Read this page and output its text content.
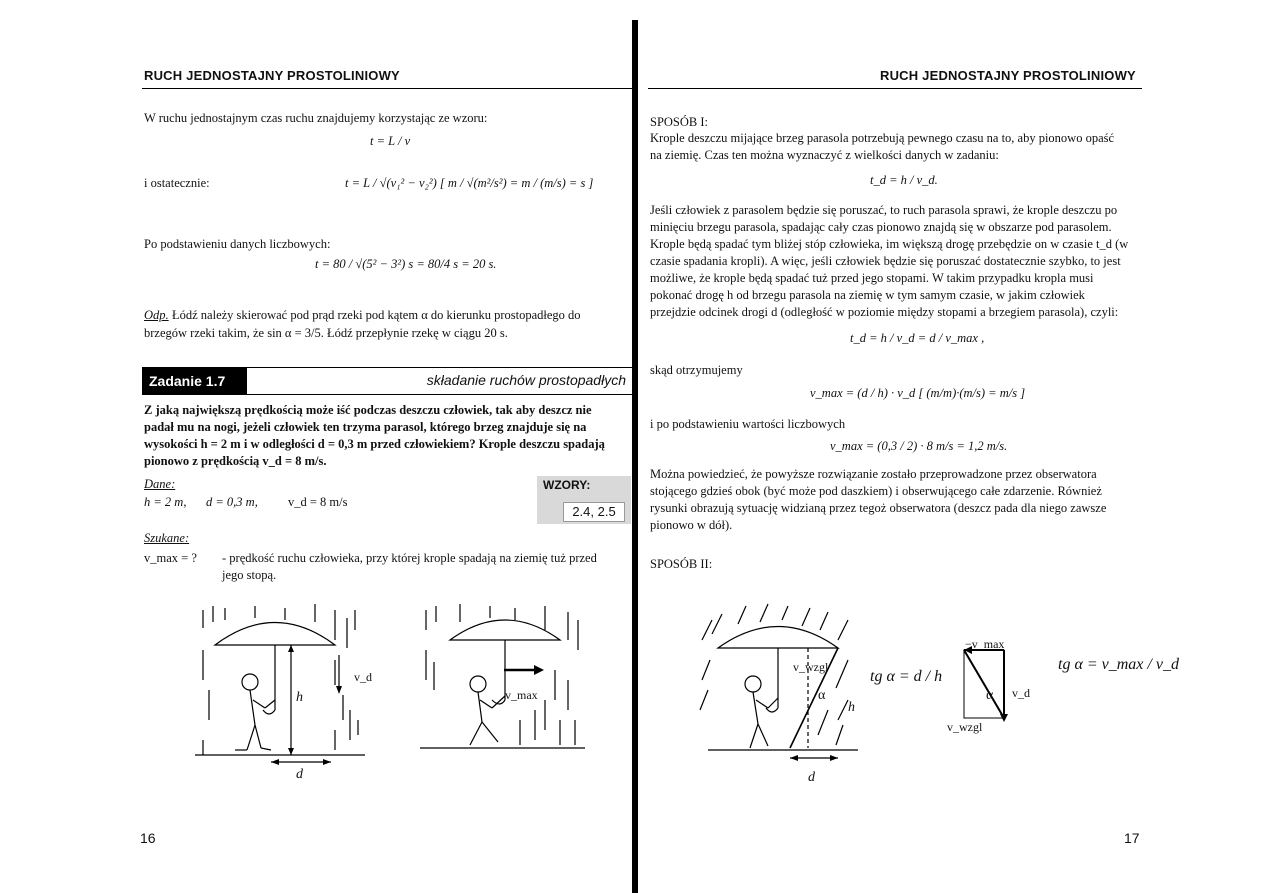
RUCH JEDNOSTAJNY PROSTOLINIOWY
W ruchu jednostajnym czas ruchu znajdujemy korzystając ze wzoru:
t = L / v
i ostatecznie:	t = L / √(v₁² − v₂²) [ m / √(m²/s²) = m / (m/s) = s ]
Po podstawieniu danych liczbowych:
t = 80 / √(5² − 3²) s = 80/4 s = 20 s.
Odp. Łódź należy skierować pod prąd rzeki pod kątem α do kierunku prostopadłego do
brzegów rzeki takim, że sin α = 3/5. Łódź przepłynie rzekę w ciągu 20 s.
Zadanie 1.7	składanie ruchów prostopadłych
Z jaką największą prędkością może iść podczas deszczu człowiek, tak aby deszcz nie
padał mu na nogi, jeżeli człowiek ten trzyma parasol, którego brzeg znajduje się na
wysokości h = 2 m i w odległości d = 0,3 m przed człowiekiem? Krople deszczu spadają
pionowo z prędkością v_d = 8 m/s.
Dane:
h = 2 m, d = 0,3 m, v_d = 8 m/s
WZORY:
2.4, 2.5
Szukane:
v_max = ? - prędkość ruchu człowieka, przy której krople spadają na ziemię tuż przed
jego stopą.
h
v_d
d
v_max
16
RUCH JEDNOSTAJNY PROSTOLINIOWY
SPOSÓB I:
Krople deszczu mijające brzeg parasola potrzebują pewnego czasu na to, aby pionowo opaść
na ziemię. Czas ten można wyznaczyć z wielkości danych w zadaniu:
t_d = h / v_d.
Jeśli człowiek z parasolem będzie się poruszać, to ruch parasola sprawi, że krople deszczu po
minięciu brzegu parasola, spadając cały czas pionowo znajdą się w obszarze pod parasolem.
Krople będą spadać tym bliżej stóp człowieka, im większą drogę przebędzie on w czasie t_d (w
czasie spadania kropli). A więc, jeśli człowiek będzie się poruszać dostatecznie szybko, to jest
możliwe, że krople będą spadać tuż przed jego stopami. W takim przypadku kropla musi
pokonać drogę h od brzegu parasola na ziemię w tym samym czasie, w jakim człowiek
przejdzie odcinek drogi d (odległość w poziomie między stopami a brzegiem parasola), czyli:
t_d = h / v_d = d / v_max ,
skąd otrzymujemy
v_max = (d / h) · v_d [ (m/m)·(m/s) = m/s ]
i po podstawieniu wartości liczbowych
v_max = (0,3 / 2) · 8 m/s = 1,2 m/s.
Można powiedzieć, że powyższe rozwiązanie zostało przeprowadzone przez obserwatora
stojącego gdzieś obok (być może pod daszkiem) i obserwującego całe zdarzenie. Również
rysunki obrazują sytuację widzianą przez tegoż obserwatora (deszcz pada dla niego zawsze
pionowo w dół).
SPOSÓB II:
v_wzgl
α
h
d
tg α = d / h
−v_max
v_d
v_wzgl
α
tg α = v_max / v_d
17
